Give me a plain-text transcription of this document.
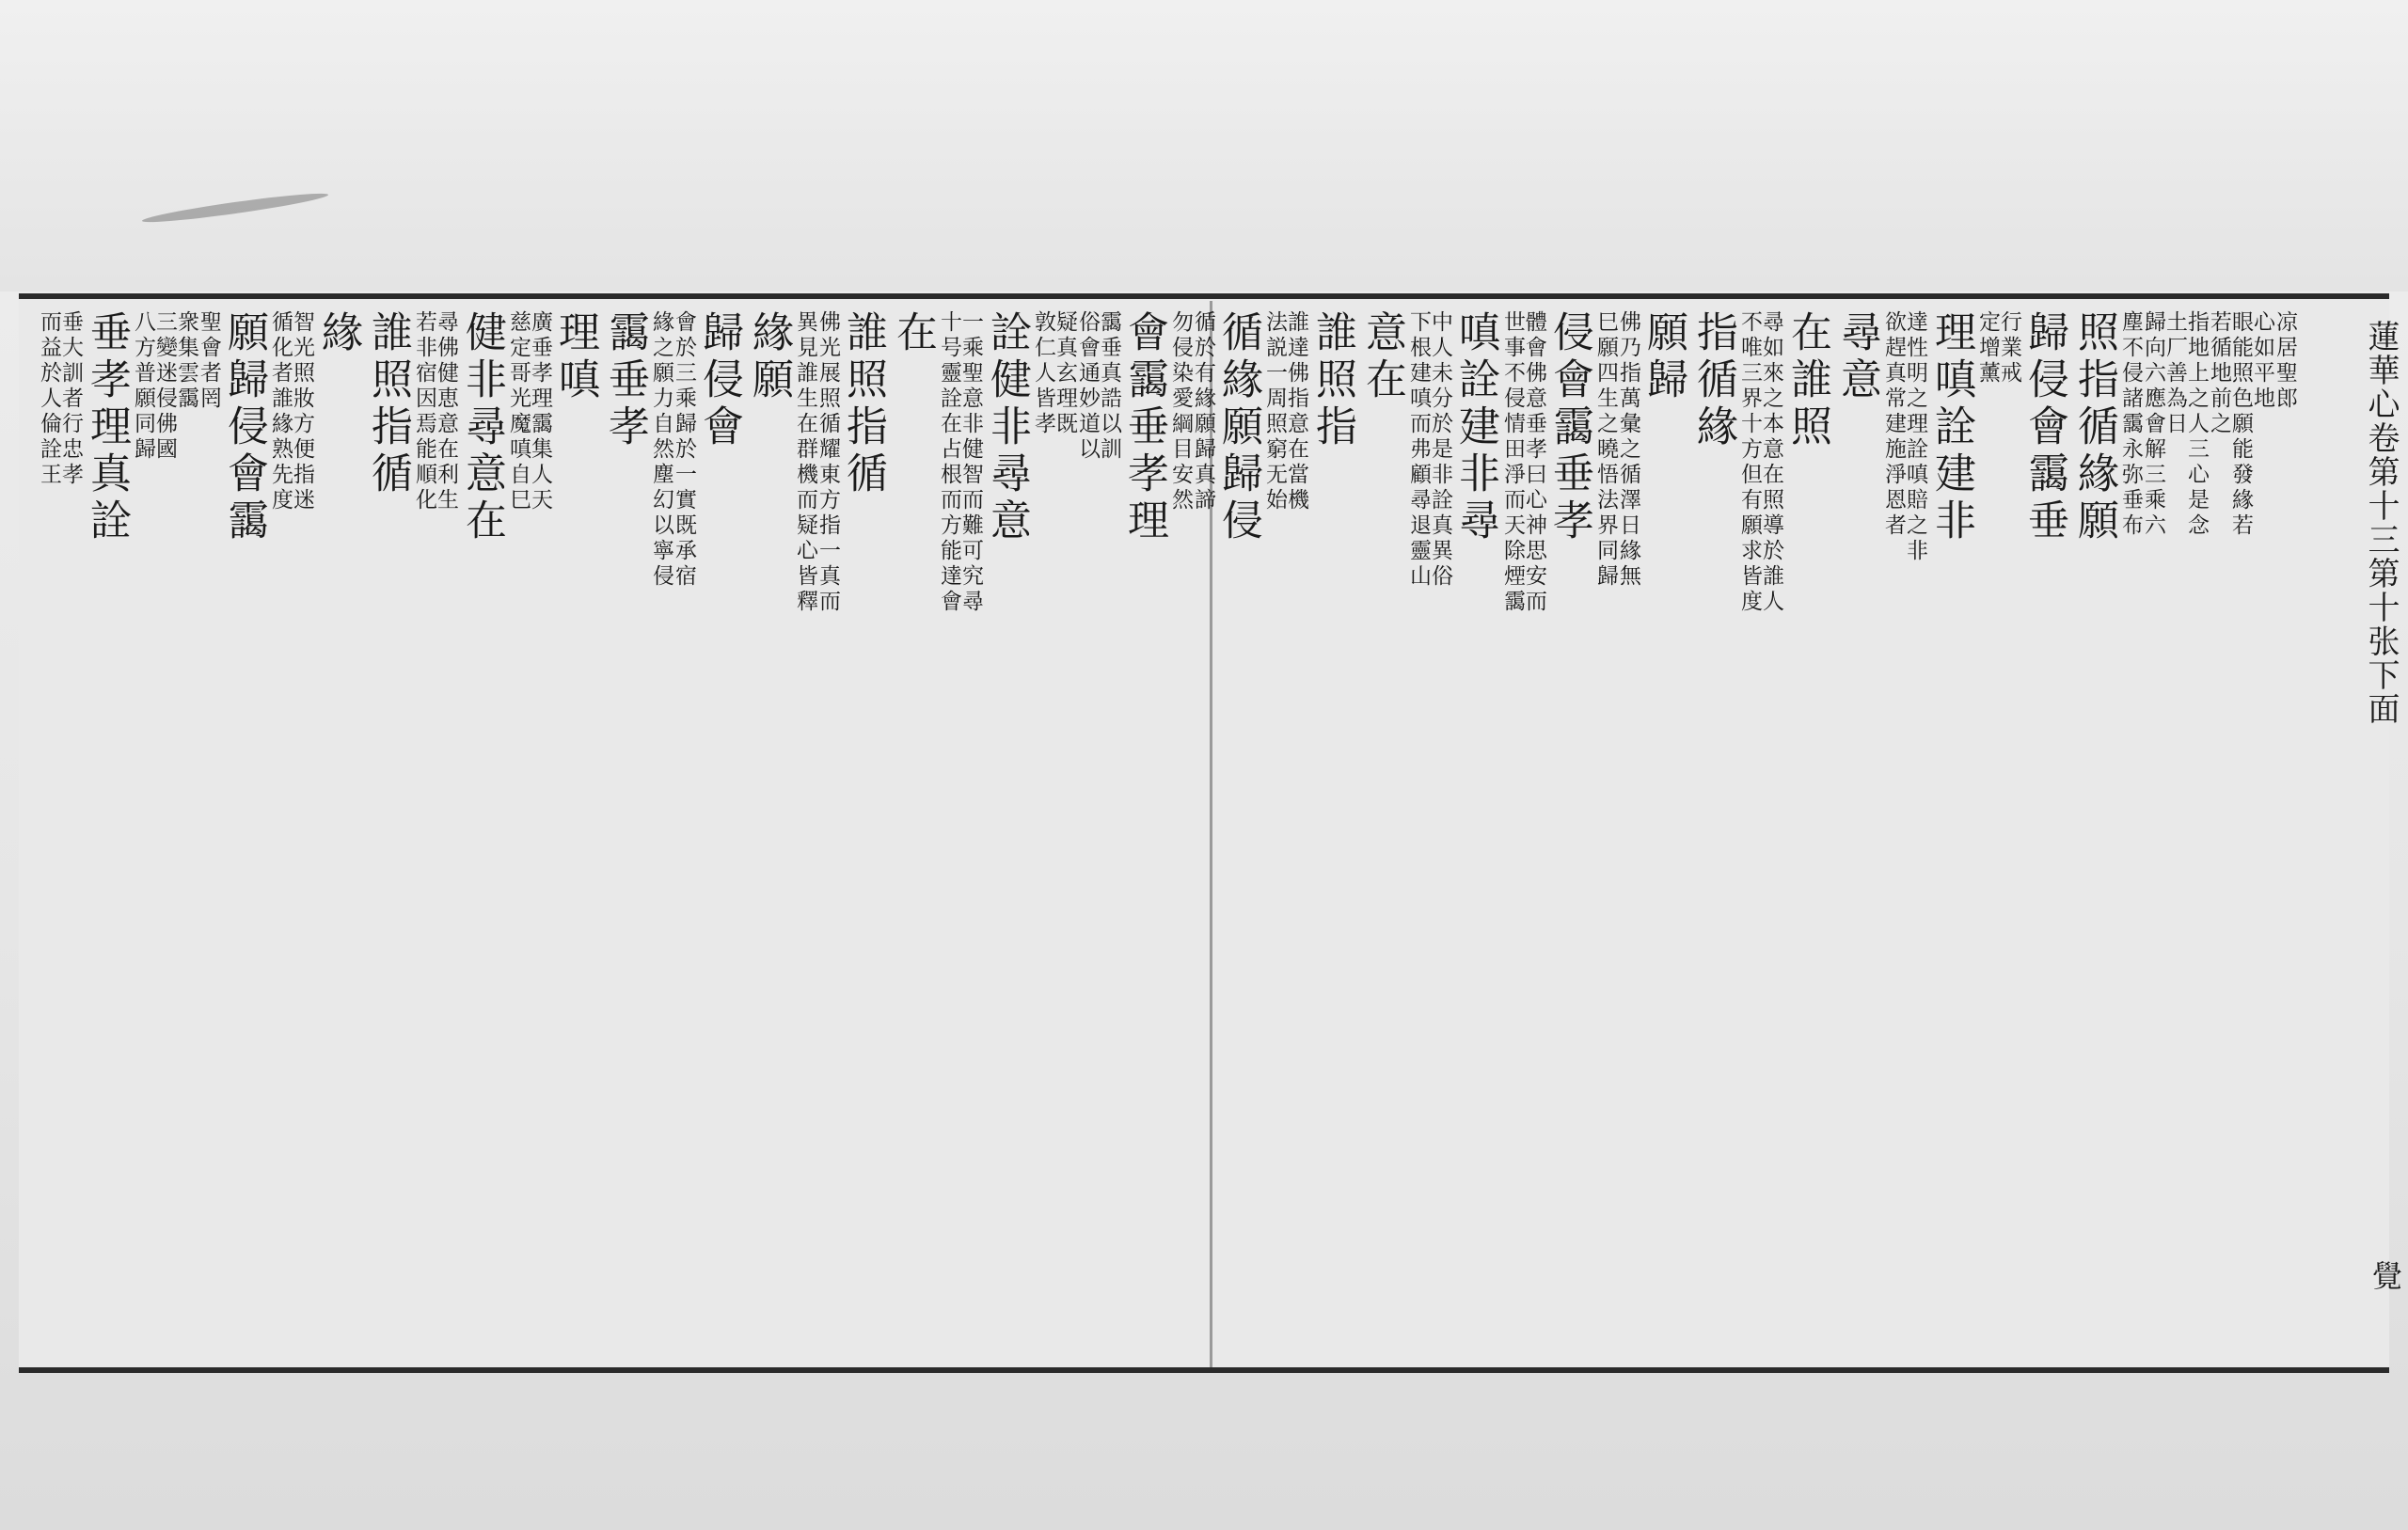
蓮華心卷第十三第十张下面
覺
凉居聖郎
心如平地
眼能照色願能發緣若
若循地前之
指地上之人三心是念
土厂善為日
歸向六應會解三乘六
塵不侵諸靄永弥垂布
照指循緣願
歸侵會靄垂
行業戒
定增薰
理嗔詮建非
達性明之理詮嗔賠之非
欲趕真常建施淨恩者
尋意
在誰照
尋如來之本意在照導於誰人
不唯三界十方但有願求皆度
指循緣
願歸
佛乃指萬彙之循澤日緣無
巳願四生之曉悟法界同歸
侵會靄垂孝
體會佛意垂孝曰心神思安而
世事不侵情田淨而天除煙靄
嗔詮建非尋
中人未分於是非詮真異俗
下根建嗔而弗顧尋退靈山
意在
誰照指
誰達佛指意在當機
法説一周照窮无始
循緣願歸侵
循於有緣願歸真諦
勿侵染愛綱目安然
會靄垂孝理
靄垂真誥以訓
俗會通妙道以
疑真玄理既
敦仁人皆孝
詮健非尋意
一乘聖意非健智而難可究尋
十号靈詮在占根而方能達會
在
誰照指循
佛光展照循耀東方指一真而
異見誰生在群機而疑心皆釋
緣願
歸侵會
會於三乘歸於一實既承宿
緣之願力自然塵幻以寧侵
靄垂孝
理嗔
廣垂孝理靄集人天
慈定哥光魔嗔自巳
健非尋意在
尋佛健恵意在利生
若非宿因焉能順化
誰照指循
緣
智光照妝方便指迷
循化者誰緣熟先度
願歸侵會靄
聖會者罔
衆集雲靄
三變迷侵佛國
八方普願同歸
垂孝理真詮
垂大訓者行忠孝
而益於人倫詮王
